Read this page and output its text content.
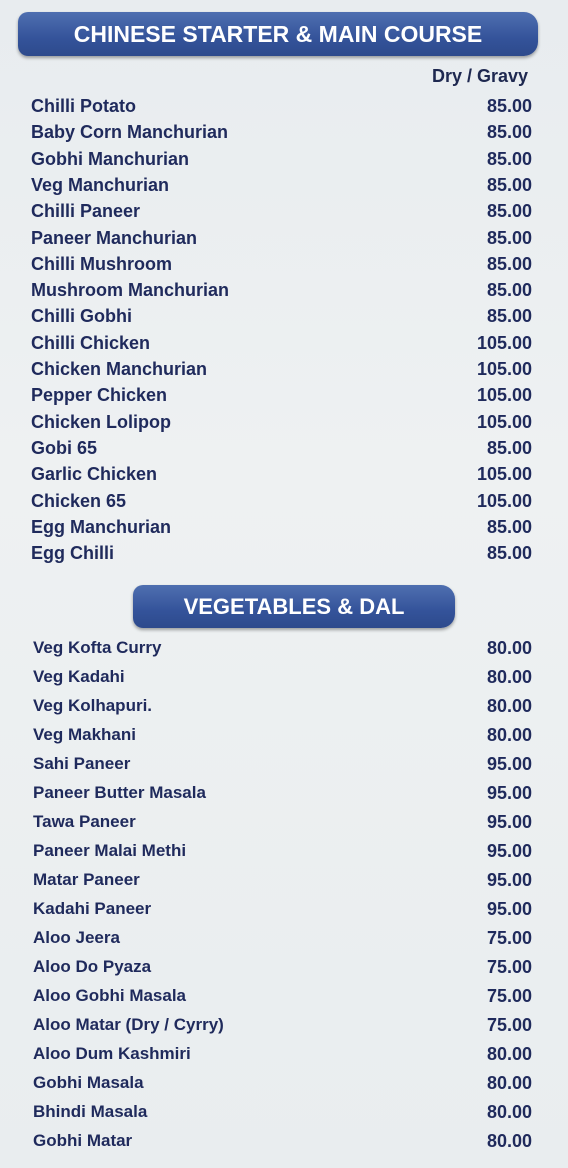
CHINESE STARTER & MAIN COURSE
Dry / Gravy
Chilli Potato	85.00
Baby Corn Manchurian	85.00
Gobhi Manchurian	85.00
Veg Manchurian	85.00
Chilli Paneer	85.00
Paneer Manchurian	85.00
Chilli Mushroom	85.00
Mushroom Manchurian	85.00
Chilli Gobhi	85.00
Chilli Chicken	105.00
Chicken Manchurian	105.00
Pepper Chicken	105.00
Chicken Lolipop	105.00
Gobi 65	85.00
Garlic Chicken	105.00
Chicken 65	105.00
Egg Manchurian	85.00
Egg Chilli	85.00
VEGETABLES & DAL
Veg Kofta Curry	80.00
Veg Kadahi	80.00
Veg Kolhapuri.	80.00
Veg Makhani	80.00
Sahi Paneer	95.00
Paneer Butter Masala	95.00
Tawa Paneer	95.00
Paneer Malai Methi	95.00
Matar Paneer	95.00
Kadahi Paneer	95.00
Aloo Jeera	75.00
Aloo Do Pyaza	75.00
Aloo Gobhi Masala	75.00
Aloo Matar (Dry / Cyrry)	75.00
Aloo Dum Kashmiri	80.00
Gobhi Masala	80.00
Bhindi Masala	80.00
Gobhi Matar	80.00
